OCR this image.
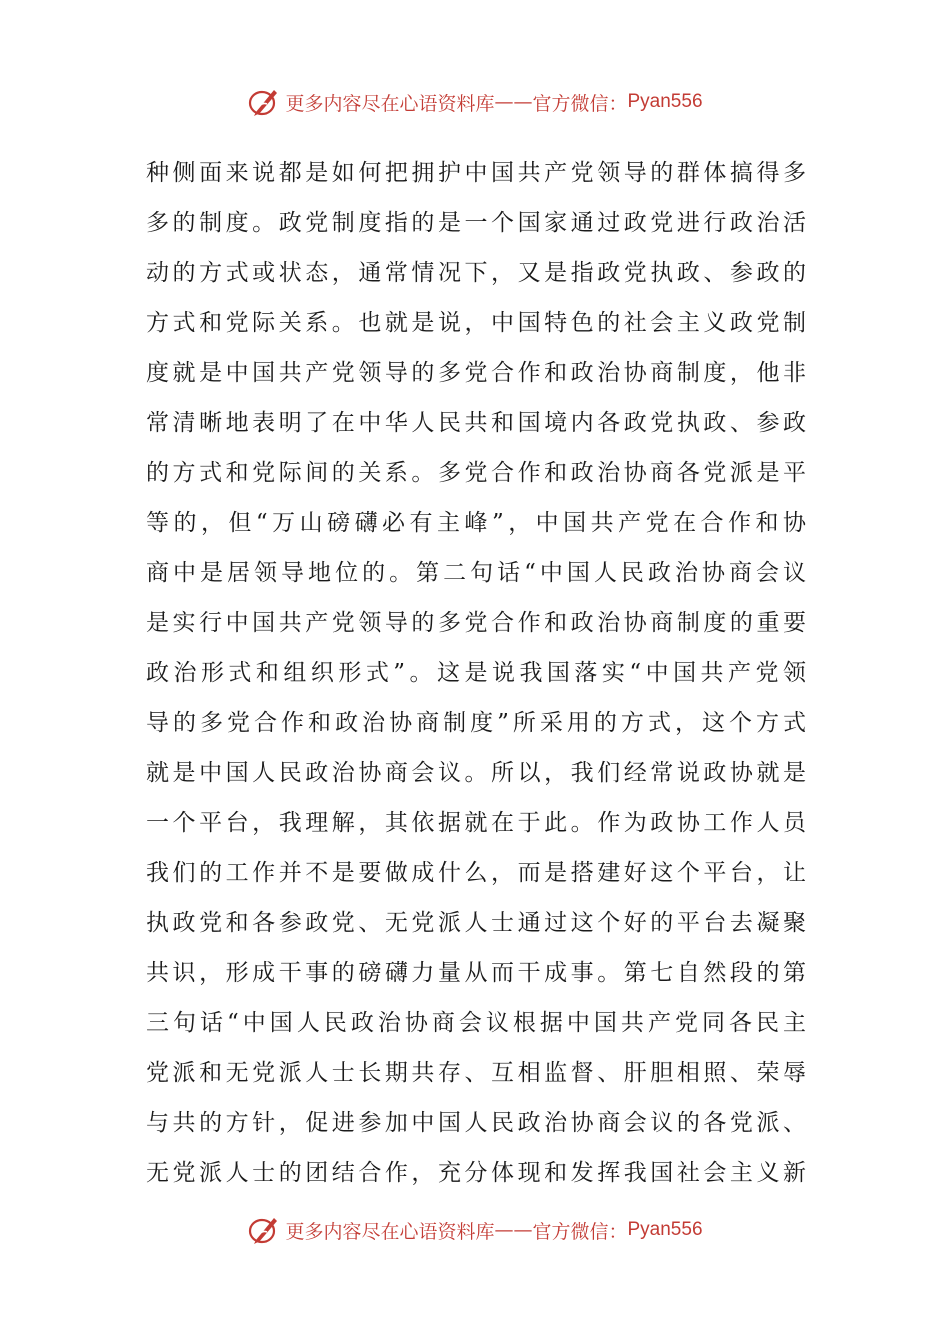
更多内容尽在心语资料库 —— 官方微信： Pyan556
种侧面来说都是如何把拥护中国共产党领导的群体搞得多
多的制度。政党制度指的是一个国家通过政党进行政治活
动的方式或状态，通常情况下，又是指政党执政、参政的
方式和党际关系。也就是说，中国特色的社会主义政党制
度就是中国共产党领导的多党合作和政治协商制度，他非
常清晰地表明了在中华人民共和国境内各政党执政、参政
的方式和党际间的关系。多党合作和政治协商各党派是平
等的，但“万山磅礴必有主峰”，中国共产党在合作和协
商中是居领导地位的。第二句话“中国人民政治协商会议
是实行中国共产党领导的多党合作和政治协商制度的重要
政治形式和组织形式”。这是说我国落实“中国共产党领
导的多党合作和政治协商制度”所采用的方式，这个方式
就是中国人民政治协商会议。所以，我们经常说政协就是
一个平台，我理解，其依据就在于此。作为政协工作人员
我们的工作并不是要做成什么，而是搭建好这个平台，让
执政党和各参政党、无党派人士通过这个好的平台去凝聚
共识，形成干事的磅礴力量从而干成事。第七自然段的第
三句话“中国人民政治协商会议根据中国共产党同各民主
党派和无党派人士长期共存、互相监督、肝胆相照、荣辱
与共的方针，促进参加中国人民政治协商会议的各党派、
无党派人士的团结合作，充分体现和发挥我国社会主义新
更多内容尽在心语资料库 —— 官方微信： Pyan556
